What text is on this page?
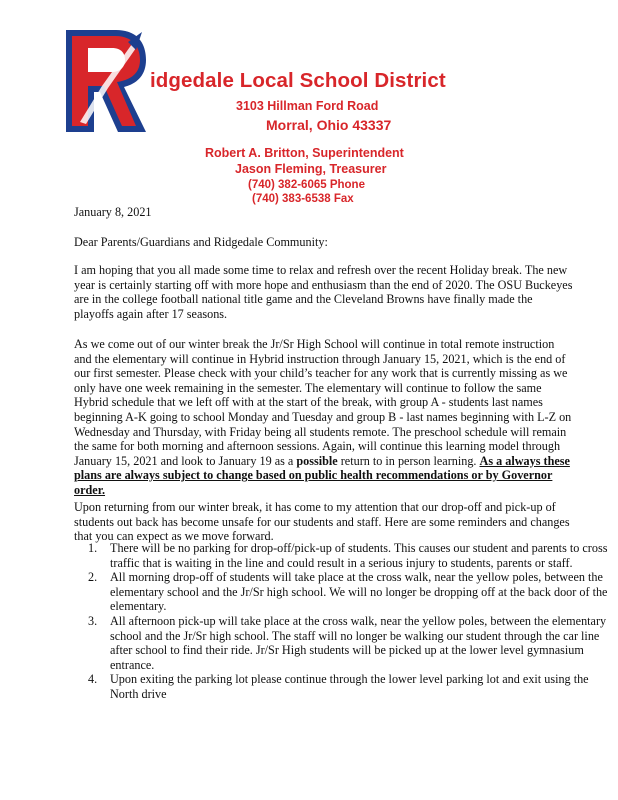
idgedale Local School District
3103 Hillman Ford Road
Morral, Ohio 43337
Robert A. Britton, Superintendent
Jason Fleming, Treasurer
(740) 382-6065 Phone
(740) 383-6538 Fax
January 8, 2021
Dear Parents/Guardians and Ridgedale Community:

I am hoping that you all made some time to relax and refresh over the recent Holiday break. The new year is certainly starting off with more hope and enthusiasm than the end of 2020. The OSU Buckeyes are in the college football national title game and the Cleveland Browns have finally made the playoffs again after 17 seasons.

As we come out of our winter break the Jr/Sr High School will continue in total remote instruction and the elementary will continue in Hybrid instruction through January 15, 2021, which is the end of our first semester. Please check with your child’s teacher for any work that is currently missing as we only have one week remaining in the semester. The elementary will continue to follow the same Hybrid schedule that we left off with at the start of the break, with group A - students last names beginning A-K going to school Monday and Tuesday and group B - last names beginning with L-Z on Wednesday and Thursday, with Friday being all students remote. The preschool schedule will remain the same for both morning and afternoon sessions. Again, will continue this learning model through January 15, 2021 and look to January 19 as a possible return to in person learning. As a always these plans are always subject to change based on public health recommendations or by Governor order.

Upon returning from our winter break, it has come to my attention that our drop-off and pick-up of students out back has become unsafe for our students and staff. Here are some reminders and changes that you can expect as we move forward.

1. There will be no parking for drop-off/pick-up of students. This causes our student and parents to cross traffic that is waiting in the line and could result in a serious injury to students, parents or staff.
2. All morning drop-off of students will take place at the cross walk, near the yellow poles, between the elementary school and the Jr/Sr high school. We will no longer be dropping off at the back door of the elementary.
3. All afternoon pick-up will take place at the cross walk, near the yellow poles, between the elementary school and the Jr/Sr high school. The staff will no longer be walking our student through the car line after school to find their ride. Jr/Sr High students will be picked up at the lower level gymnasium entrance.
4. Upon exiting the parking lot please continue through the lower level parking lot and exit using the North drive
